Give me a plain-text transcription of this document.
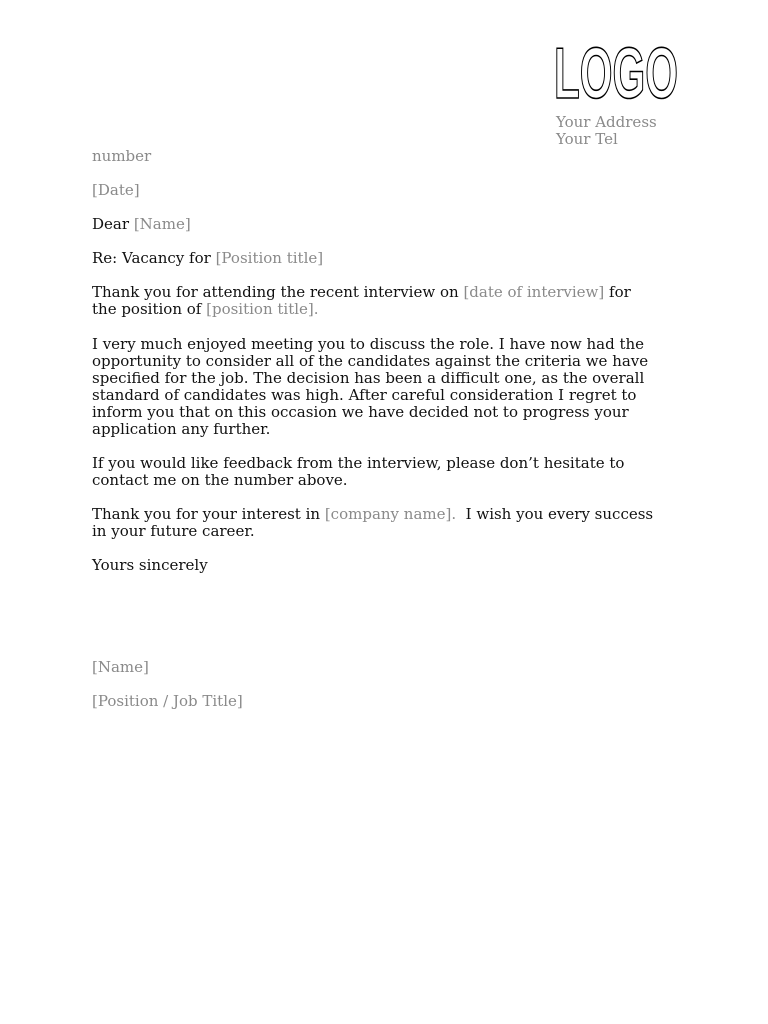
LOGO
Your Address
Your Tel

number

[Date]

Dear [Name]

Re: Vacancy for [Position title]

Thank you for attending the recent interview on [date of interview] for
the position of [position title].

I very much enjoyed meeting you to discuss the role. I have now had the
opportunity to consider all of the candidates against the criteria we have
specified for the job. The decision has been a difficult one, as the overall
standard of candidates was high. After careful consideration I regret to
inform you that on this occasion we have decided not to progress your
application any further.

If you would like feedback from the interview, please don’t hesitate to
contact me on the number above.

Thank you for your interest in [company name]. I wish you every success
in your future career.

Yours sincerely

[Name]

[Position / Job Title]
